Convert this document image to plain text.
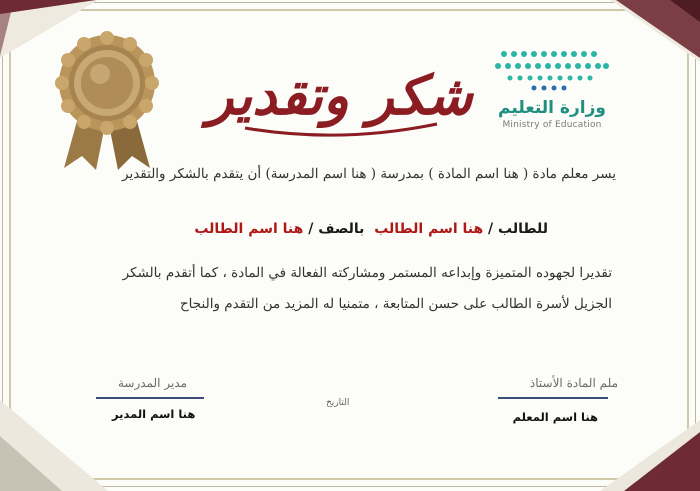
شكر وتقدير	وزارة التعليم
Ministry of Education
يسر معلم مادة ( هنا اسم المادة ) بمدرسة ( هنا اسم المدرسة) أن يتقدم بالشكر والتقدير
للطالب / هنا اسم الطالب  بالصف / هنا اسم الطالب
تقديرا لجهوده المتميزة وإبداعه المستمر ومشاركته الفعالة في المادة ، كما أتقدم بالشكر
الجزيل لأسرة الطالب على حسن المتابعة ، متمنيا له المزيد من التقدم والنجاح
ملم المادة الأستاذ
هنا اسم المعلم
التاريخ
مدير المدرسة
هنا اسم المدير
